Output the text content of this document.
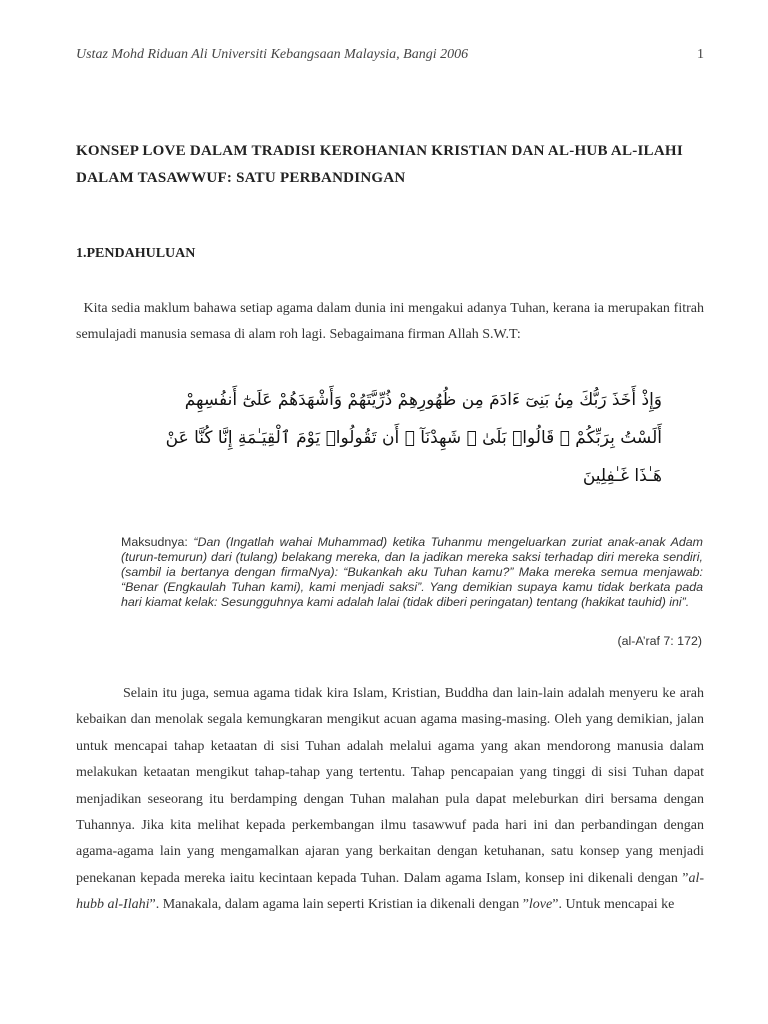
Ustaz Mohd Riduan Ali Universiti Kebangsaan Malaysia, Bangi 2006	1
KONSEP LOVE DALAM TRADISI KEROHANIAN KRISTIAN DAN AL-HUB AL-ILAHI DALAM TASAWWUF: SATU PERBANDINGAN
1.PENDAHULUAN
Kita sedia maklum bahawa setiap agama dalam dunia ini mengakui adanya Tuhan, kerana ia merupakan fitrah semulajadi manusia semasa di alam roh lagi. Sebagaimana firman Allah S.W.T:
وَإِذْ أَخَذَ رَبُّكَ مِنۢ بَنِىٓ ءَادَمَ مِن ظُهُورِهِمْ ذُرِّيَّتَهُمْ وَأَشْهَدَهُمْ عَلَىٰٓ أَنفُسِهِمْ أَلَسْتُ بِرَبِّكُمْ ۖ قَالُوا۟ بَلَىٰ ۛ شَهِدْنَآ ۛ أَن تَقُولُوا۟ يَوْمَ ٱلْقِيَـٰمَةِ إِنَّا كُنَّا عَنْ هَـٰذَا غَـٰفِلِينَ
Maksudnya: “Dan (Ingatlah wahai Muhammad) ketika Tuhanmu mengeluarkan zuriat anak-anak Adam (turun-temurun) dari (tulang) belakang mereka, dan Ia jadikan mereka saksi terhadap diri mereka sendiri, (sambil ia bertanya dengan firmaNya): “Bukankah aku Tuhan kamu?” Maka mereka semua menjawab: “Benar (Engkaulah Tuhan kami), kami menjadi saksi”. Yang demikian supaya kamu tidak berkata pada hari kiamat kelak: Sesungguhnya kami adalah lalai (tidak diberi peringatan) tentang (hakikat tauhid) ini”.
(al-A’raf 7: 172)
Selain itu juga, semua agama tidak kira Islam, Kristian, Buddha dan lain-lain adalah menyeru ke arah kebaikan dan menolak segala kemungkaran mengikut acuan agama masing-masing. Oleh yang demikian, jalan untuk mencapai tahap ketaatan di sisi Tuhan adalah melalui agama yang akan mendorong manusia dalam melakukan ketaatan mengikut tahap-tahap yang tertentu. Tahap pencapaian yang tinggi di sisi Tuhan dapat menjadikan seseorang itu berdamping dengan Tuhan malahan pula dapat meleburkan diri bersama dengan Tuhannya. Jika kita melihat kepada perkembangan ilmu tasawwuf pada hari ini dan perbandingan dengan agama-agama lain yang mengamalkan ajaran yang berkaitan dengan ketuhanan, satu konsep yang menjadi penekanan kepada mereka iaitu kecintaan kepada Tuhan. Dalam agama Islam, konsep ini dikenali dengan ”al-hubb al-Ilahi”. Manakala, dalam agama lain seperti Kristian ia dikenali dengan ”love”. Untuk mencapai ke
